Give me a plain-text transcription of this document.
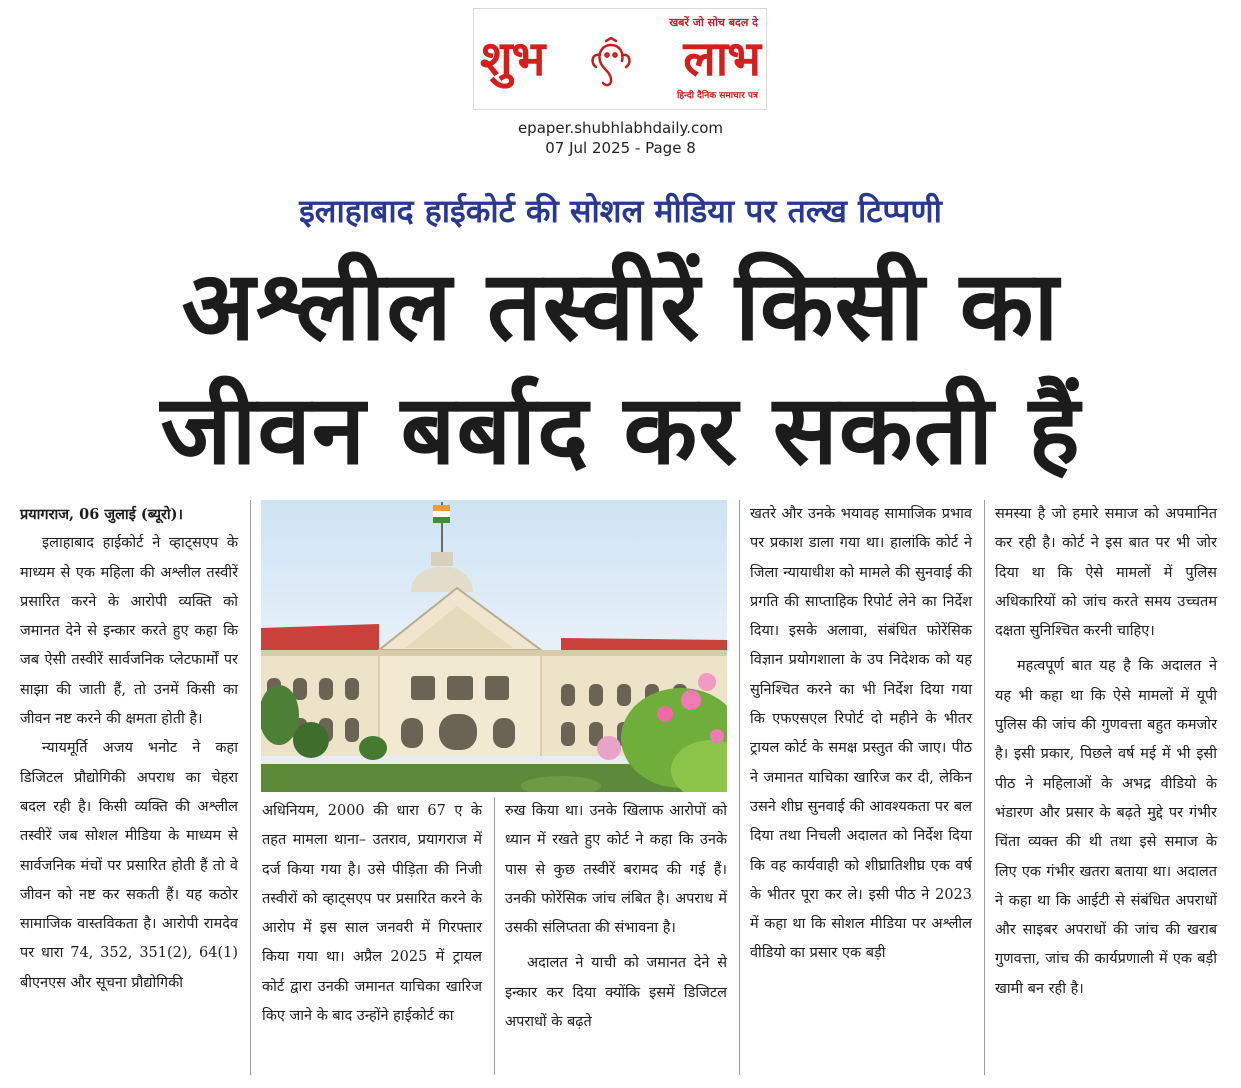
खबरें जो सोच बदल दे
शुभ	लाभ
हिन्दी दैनिक समाचार पत्र
epaper.shubhlabhdaily.com
07 Jul 2025 - Page 8
इलाहाबाद हाईकोर्ट की सोशल मीडिया पर तल्ख टिप्पणी
अश्लील तस्वीरें किसी का
जीवन बर्बाद कर सकती हैं

प्रयागराज, 06 जुलाई (ब्यूरो)।

इलाहाबाद हाईकोर्ट ने व्हाट्सएप के माध्यम से एक महिला की अश्लील तस्वीरें प्रसारित करने के आरोपी व्यक्ति को जमानत देने से इन्कार करते हुए कहा कि जब ऐसी तस्वीरें सार्वजनिक प्लेटफार्मों पर साझा की जाती हैं, तो उनमें किसी का जीवन नष्ट करने की क्षमता होती है।

न्यायमूर्ति अजय भनोट ने कहा डिजिटल प्रौद्योगिकी अपराध का चेहरा बदल रही है। किसी व्यक्ति की अश्लील तस्वीरें जब सोशल मीडिया के माध्यम से सार्वजनिक मंचों पर प्रसारित होती हैं तो वे जीवन को नष्ट कर सकती हैं। यह कठोर सामाजिक वास्तविकता है। आरोपी रामदेव पर धारा 74, 352, 351(2), 64(1) बीएनएस और सूचना प्रौद्योगिकी

अधिनियम, 2000 की धारा 67 ए के तहत मामला थाना– उतराव, प्रयागराज में दर्ज किया गया है। उसे पीड़िता की निजी तस्वीरों को व्हाट्सएप पर प्रसारित करने के आरोप में इस साल जनवरी में गिरफ्तार किया गया था। अप्रैल 2025 में ट्रायल कोर्ट द्वारा उनकी जमानत याचिका खारिज किए जाने के बाद उन्होंने हाईकोर्ट का

रुख किया था। उनके खिलाफ आरोपों को ध्यान में रखते हुए कोर्ट ने कहा कि उनके पास से कुछ तस्वीरें बरामद की गई हैं। उनकी फोरेंसिक जांच लंबित है। अपराध में उसकी संलिप्तता की संभावना है।

अदालत ने याची को जमानत देने से इन्कार कर दिया क्योंकि इसमें डिजिटल अपराधों के बढ़ते

खतरे और उनके भयावह सामाजिक प्रभाव पर प्रकाश डाला गया था। हालांकि कोर्ट ने जिला न्यायाधीश को मामले की सुनवाई की प्रगति की साप्ताहिक रिपोर्ट लेने का निर्देश दिया। इसके अलावा, संबंधित फोरेंसिक विज्ञान प्रयोगशाला के उप निदेशक को यह सुनिश्चित करने का भी निर्देश दिया गया कि एफएसएल रिपोर्ट दो महीने के भीतर ट्रायल कोर्ट के समक्ष प्रस्तुत की जाए। पीठ ने जमानत याचिका खारिज कर दी, लेकिन उसने शीघ्र सुनवाई की आवश्यकता पर बल दिया तथा निचली अदालत को निर्देश दिया कि वह कार्यवाही को शीघ्रातिशीघ्र एक वर्ष के भीतर पूरा कर ले। इसी पीठ ने 2023 में कहा था कि सोशल मीडिया पर अश्लील वीडियो का प्रसार एक बड़ी

समस्या है जो हमारे समाज को अपमानित कर रही है। कोर्ट ने इस बात पर भी जोर दिया था कि ऐसे मामलों में पुलिस अधिकारियों को जांच करते समय उच्चतम दक्षता सुनिश्चित करनी चाहिए।

महत्वपूर्ण बात यह है कि अदालत ने यह भी कहा था कि ऐसे मामलों में यूपी पुलिस की जांच की गुणवत्ता बहुत कमजोर है। इसी प्रकार, पिछले वर्ष मई में भी इसी पीठ ने महिलाओं के अभद्र वीडियो के भंडारण और प्रसार के बढ़ते मुद्दे पर गंभीर चिंता व्यक्त की थी तथा इसे समाज के लिए एक गंभीर खतरा बताया था। अदालत ने कहा था कि आईटी से संबंधित अपराधों और साइबर अपराधों की जांच की खराब गुणवत्ता, जांच की कार्यप्रणाली में एक बड़ी खामी बन रही है।
